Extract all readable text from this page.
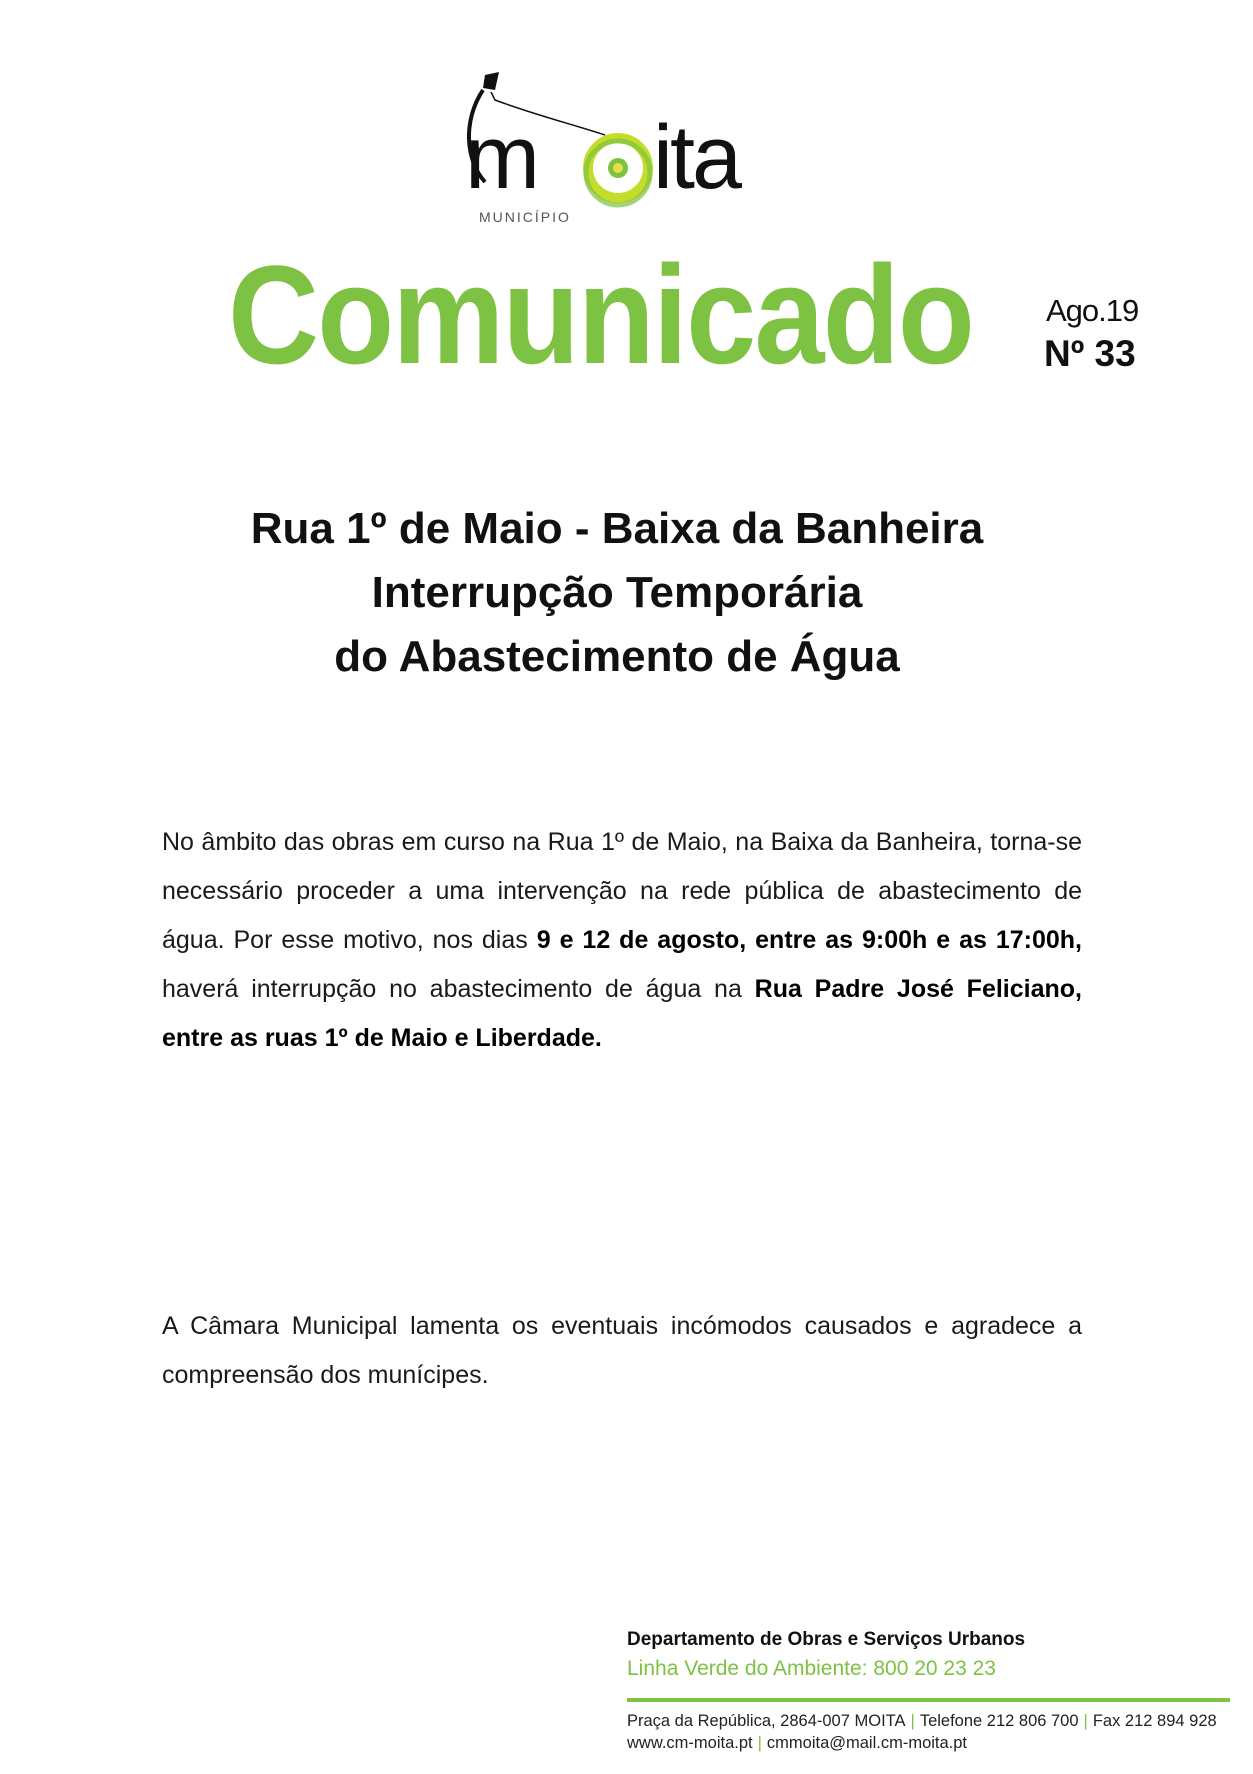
m ita
MUNICÍPIO
Comunicado Ago.19
Nº 33
Rua 1º de Maio - Baixa da Banheira
Interrupção Temporária
do Abastecimento de Água
No âmbito das obras em curso na Rua 1º de Maio, na Baixa da Banheira, torna-se necessário proceder a uma intervenção na rede pública de abastecimento de água. Por esse motivo, nos dias 9 e 12 de agosto, entre as 9:00h e as 17:00h, haverá interrupção no abastecimento de água na Rua Padre José Feliciano, entre as ruas 1º de Maio e Liberdade.
A Câmara Municipal lamenta os eventuais incómodos causados e agradece a compreensão dos munícipes.
Departamento de Obras e Serviços Urbanos
Linha Verde do Ambiente: 800 20 23 23
Praça da República, 2864-007 MOITA | Telefone 212 806 700 | Fax 212 894 928
www.cm-moita.pt | cmmoita@mail.cm-moita.pt
